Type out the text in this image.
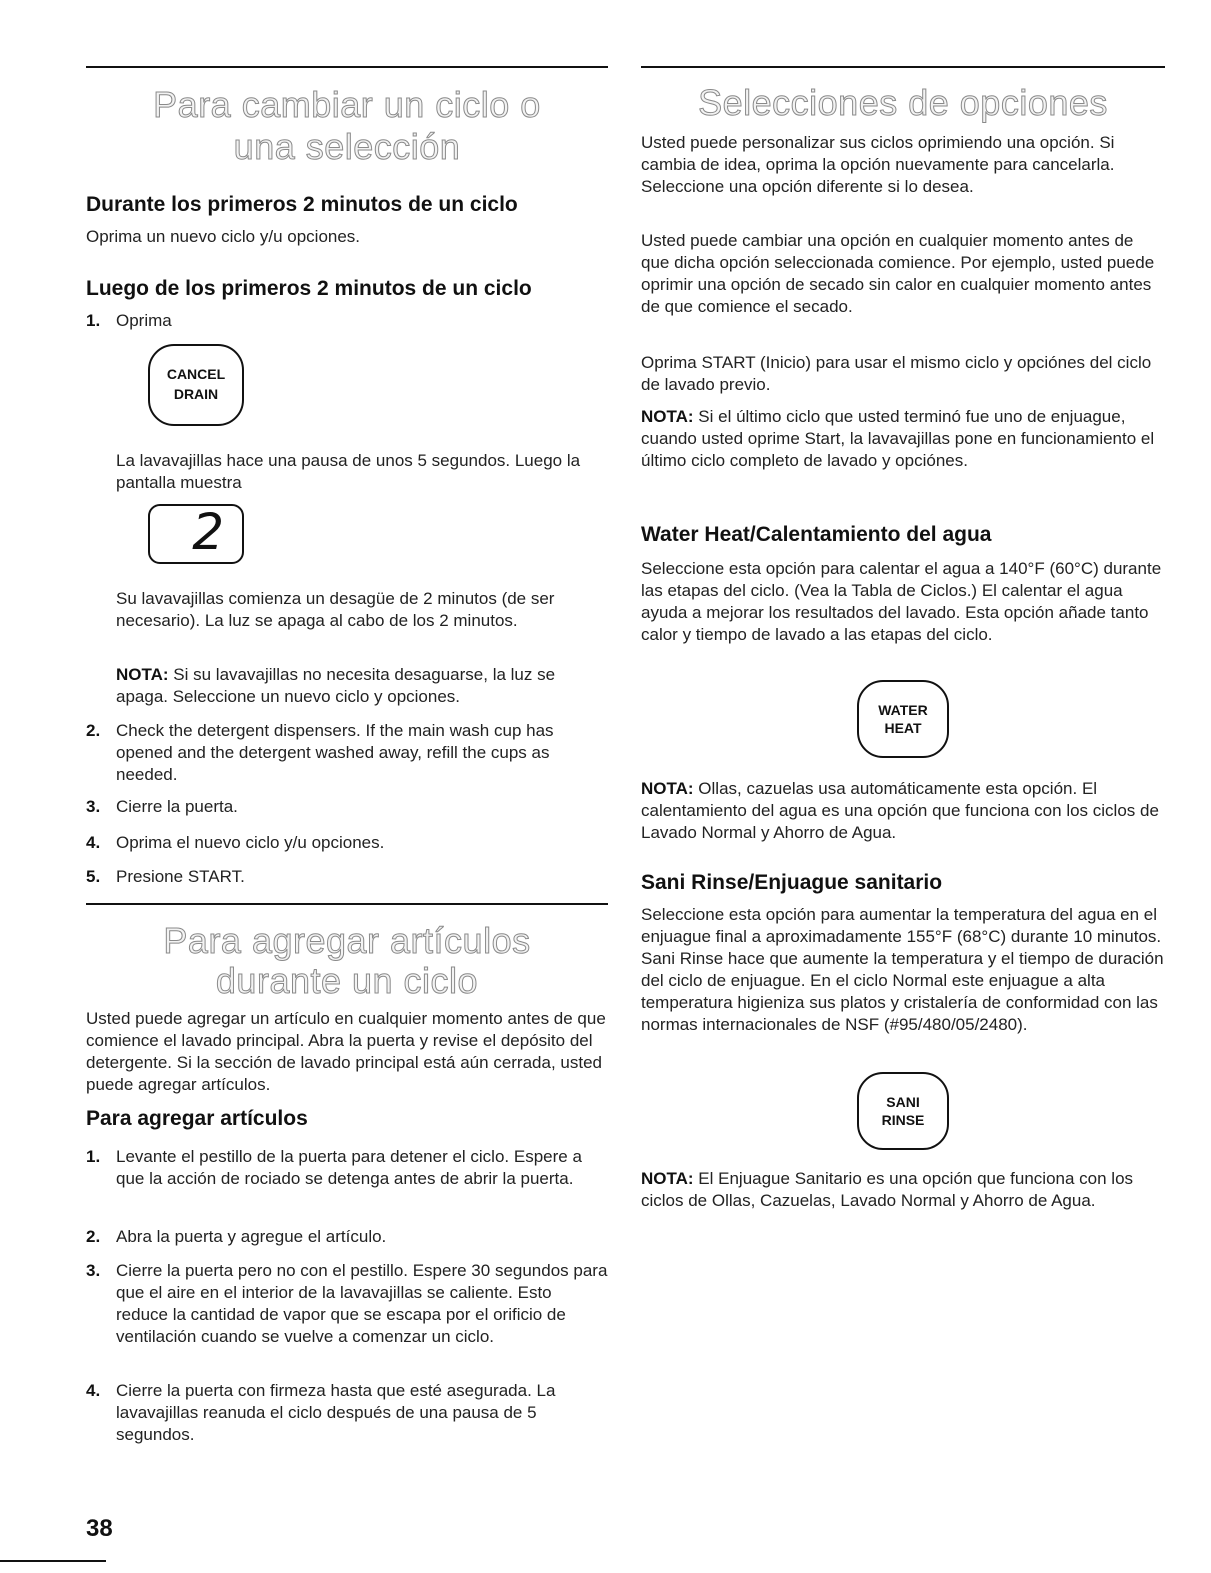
Para cambiar un ciclo o
una selección
Durante los primeros 2 minutos de un ciclo

Oprima un nuevo ciclo y/u opciones.

Luego de los primeros 2 minutos de un ciclo
1. Oprima

CANCEL
DRAIN

La lavavajillas hace una pausa de unos 5 segundos. Luego la pantalla muestra

2

Su lavavajillas comienza un desagüe de 2 minutos (de ser necesario). La luz se apaga al cabo de los 2 minutos.

NOTA: Si su lavavajillas no necesita desaguarse, la luz se apaga. Seleccione un nuevo ciclo y opciones.

2. Check the detergent dispensers. If the main wash cup has opened and the detergent washed away, refill the cups as needed.

3. Cierre la puerta.

4. Oprima el nuevo ciclo y/u opciones.

5. Presione START.

Para agregar artículos
durante un ciclo

Usted puede agregar un artículo en cualquier momento antes de que comience el lavado principal. Abra la puerta y revise el depósito del detergente. Si la sección de lavado principal está aún cerrada, usted puede agregar artículos.

Para agregar artículos
1. Levante el pestillo de la puerta para detener el ciclo. Espere a que la acción de rociado se detenga antes de abrir la puerta.

2. Abra la puerta y agregue el artículo.

3. Cierre la puerta pero no con el pestillo. Espere 30 segundos para que el aire en el interior de la lavavajillas se caliente. Esto reduce la cantidad de vapor que se escapa por el orificio de ventilación cuando se vuelve a comenzar un ciclo.

4. Cierre la puerta con firmeza hasta que esté asegurada. La lavavajillas reanuda el ciclo después de una pausa de 5 segundos.

Selecciones de opciones

Usted puede personalizar sus ciclos oprimiendo una opción. Si cambia de idea, oprima la opción nuevamente para cancelarla. Seleccione una opción diferente si lo desea.

Usted puede cambiar una opción en cualquier momento antes de que dicha opción seleccionada comience. Por ejemplo, usted puede oprimir una opción de secado sin calor en cualquier momento antes de que comience el secado.

Oprima START (Inicio) para usar el mismo ciclo y opciónes del ciclo de lavado previo.

NOTA: Si el último ciclo que usted terminó fue uno de enjuague, cuando usted oprime Start, la lavavajillas pone en funcionamiento el último ciclo completo de lavado y opciónes.

Water Heat/Calentamiento del agua

Seleccione esta opción para calentar el agua a 140°F (60°C) durante las etapas del ciclo. (Vea la Tabla de Ciclos.) El calentar el agua ayuda a mejorar los resultados del lavado. Esta opción añade tanto calor y tiempo de lavado a las etapas del ciclo.

WATER
HEAT

NOTA: Ollas, cazuelas usa automáticamente esta opción. El calentamiento del agua es una opción que funciona con los ciclos de Lavado Normal y Ahorro de Agua.

Sani Rinse/Enjuague sanitario

Seleccione esta opción para aumentar la temperatura del agua en el enjuague final a aproximadamente 155°F (68°C) durante 10 minutos. Sani Rinse hace que aumente la temperatura y el tiempo de duración del ciclo de enjuague. En el ciclo Normal este enjuague a alta temperatura higieniza sus platos y cristalería de conformidad con las normas internacionales de NSF (#95/480/05/2480).

SANI
RINSE

NOTA: El Enjuague Sanitario es una opción que funciona con los ciclos de Ollas, Cazuelas, Lavado Normal y Ahorro de Agua.

38
